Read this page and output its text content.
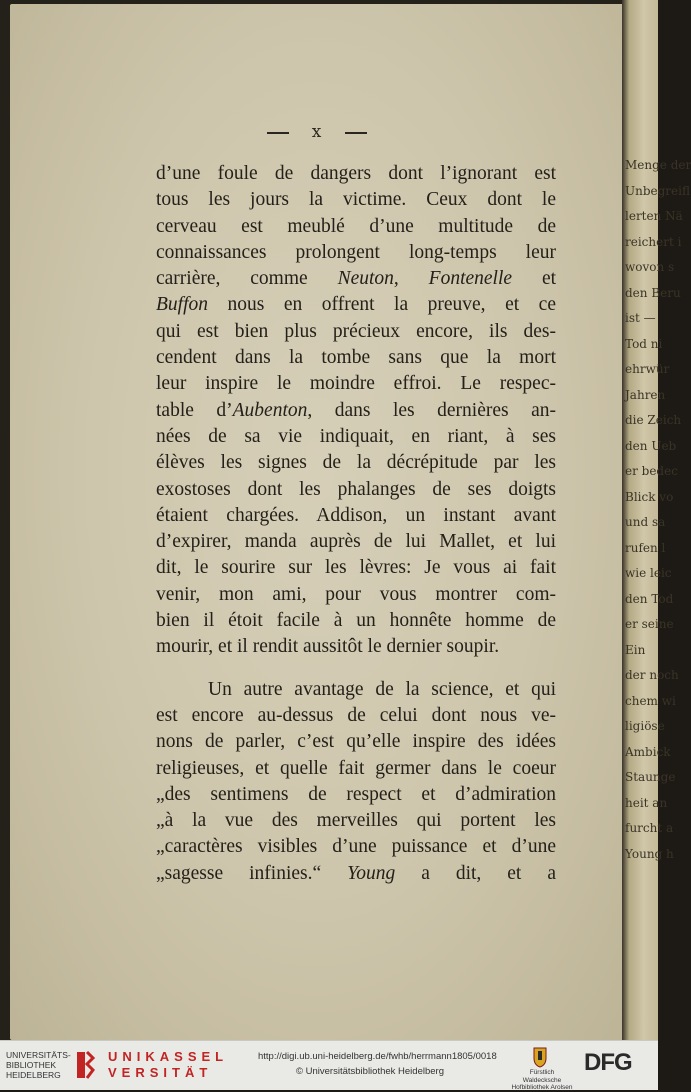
x
d’une foule de dangers dont l’ignorant est
tous les jours la victime. Ceux dont le
cerveau est meublé d’une multitude de
connaissances prolongent long-temps leur
carrière, comme Neuton, Fontenelle et
Buffon nous en offrent la preuve, et ce
qui est bien plus précieux encore, ils des-
cendent dans la tombe sans que la mort
leur inspire le moindre effroi. Le respec-
table d’Aubenton, dans les dernières an-
nées de sa vie indiquait, en riant, à ses
élèves les signes de la décrépitude par les
exostoses dont les phalanges de ses doigts
étaient chargées. Addison, un instant avant
d’expirer, manda auprès de lui Mallet, et lui
dit, le sourire sur les lèvres: Je vous ai fait
venir, mon ami, pour vous montrer com-
bien il étoit facile à un honnête homme de
mourir, et il rendit aussitôt le dernier soupir.
Un autre avantage de la science, et qui
est encore au-dessus de celui dont nous ve-
nons de parler, c’est qu’elle inspire des idées
religieuses, et quelle fait germer dans le coeur
„des sentimens de respect et d’admiration
„à la vue des merveilles qui portent les
„caractères visibles d’une puissance et d’une
„sagesse infinies.“ Young a dit, et a
Menge der
Unbegreifl
lerten Nä
reichert i
wovon s
den Beru
ist —
Tod ni
ehrwür
Jahren
die Zeich
den Ueb
er bedec
Blick vo
und sa
rufen l
wie leic
den Tod
er seine
Ein
der noch
chem wi
ligiöse
Ambick
Staunge
heit an
furcht a
Young h
UNIVERSITÄTS-
BIBLIOTHEK
HEIDELBERG
UNIKASSEL
VERSITÄT
http://digi.ub.uni-heidelberg.de/fwhb/herrmann1805/0018
© Universitätsbibliothek Heidelberg	Fürstlich Waldecksche
Hofbibliothek Arolsen
DFG
